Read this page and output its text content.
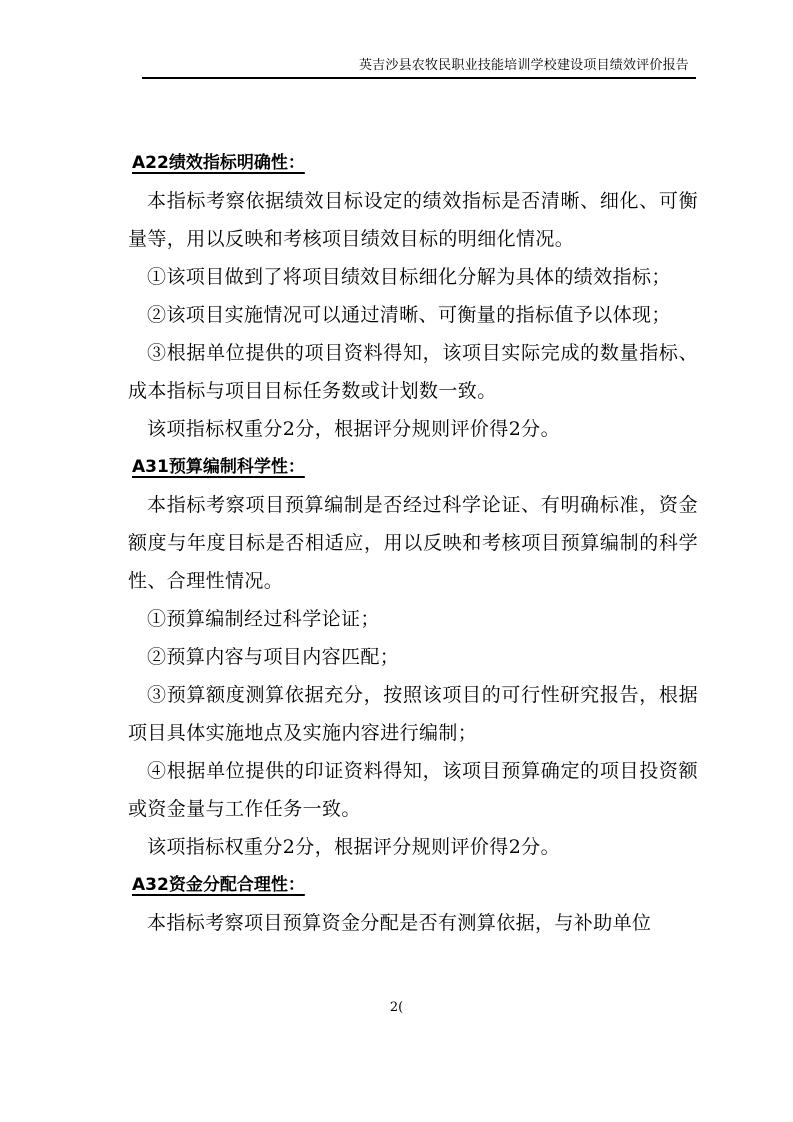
英吉沙县农牧民职业技能培训学校建设项目绩效评价报告
A22绩效指标明确性：

本指标考察依据绩效目标设定的绩效指标是否清晰、细化、可衡量等，用以反映和考核项目绩效目标的明细化情况。

①该项目做到了将项目绩效目标细化分解为具体的绩效指标；

②该项目实施情况可以通过清晰、可衡量的指标值予以体现；

③根据单位提供的项目资料得知，该项目实际完成的数量指标、成本指标与项目目标任务数或计划数一致。

该项指标权重分2分，根据评分规则评价得2分。

A31预算编制科学性：

本指标考察项目预算编制是否经过科学论证、有明确标准，资金额度与年度目标是否相适应，用以反映和考核项目预算编制的科学性、合理性情况。

①预算编制经过科学论证；

②预算内容与项目内容匹配；

③预算额度测算依据充分，按照该项目的可行性研究报告，根据项目具体实施地点及实施内容进行编制；

④根据单位提供的印证资料得知，该项目预算确定的项目投资额或资金量与工作任务一致。

该项指标权重分2分，根据评分规则评价得2分。

A32资金分配合理性：

本指标考察项目预算资金分配是否有测算依据，与补助单位

2(
